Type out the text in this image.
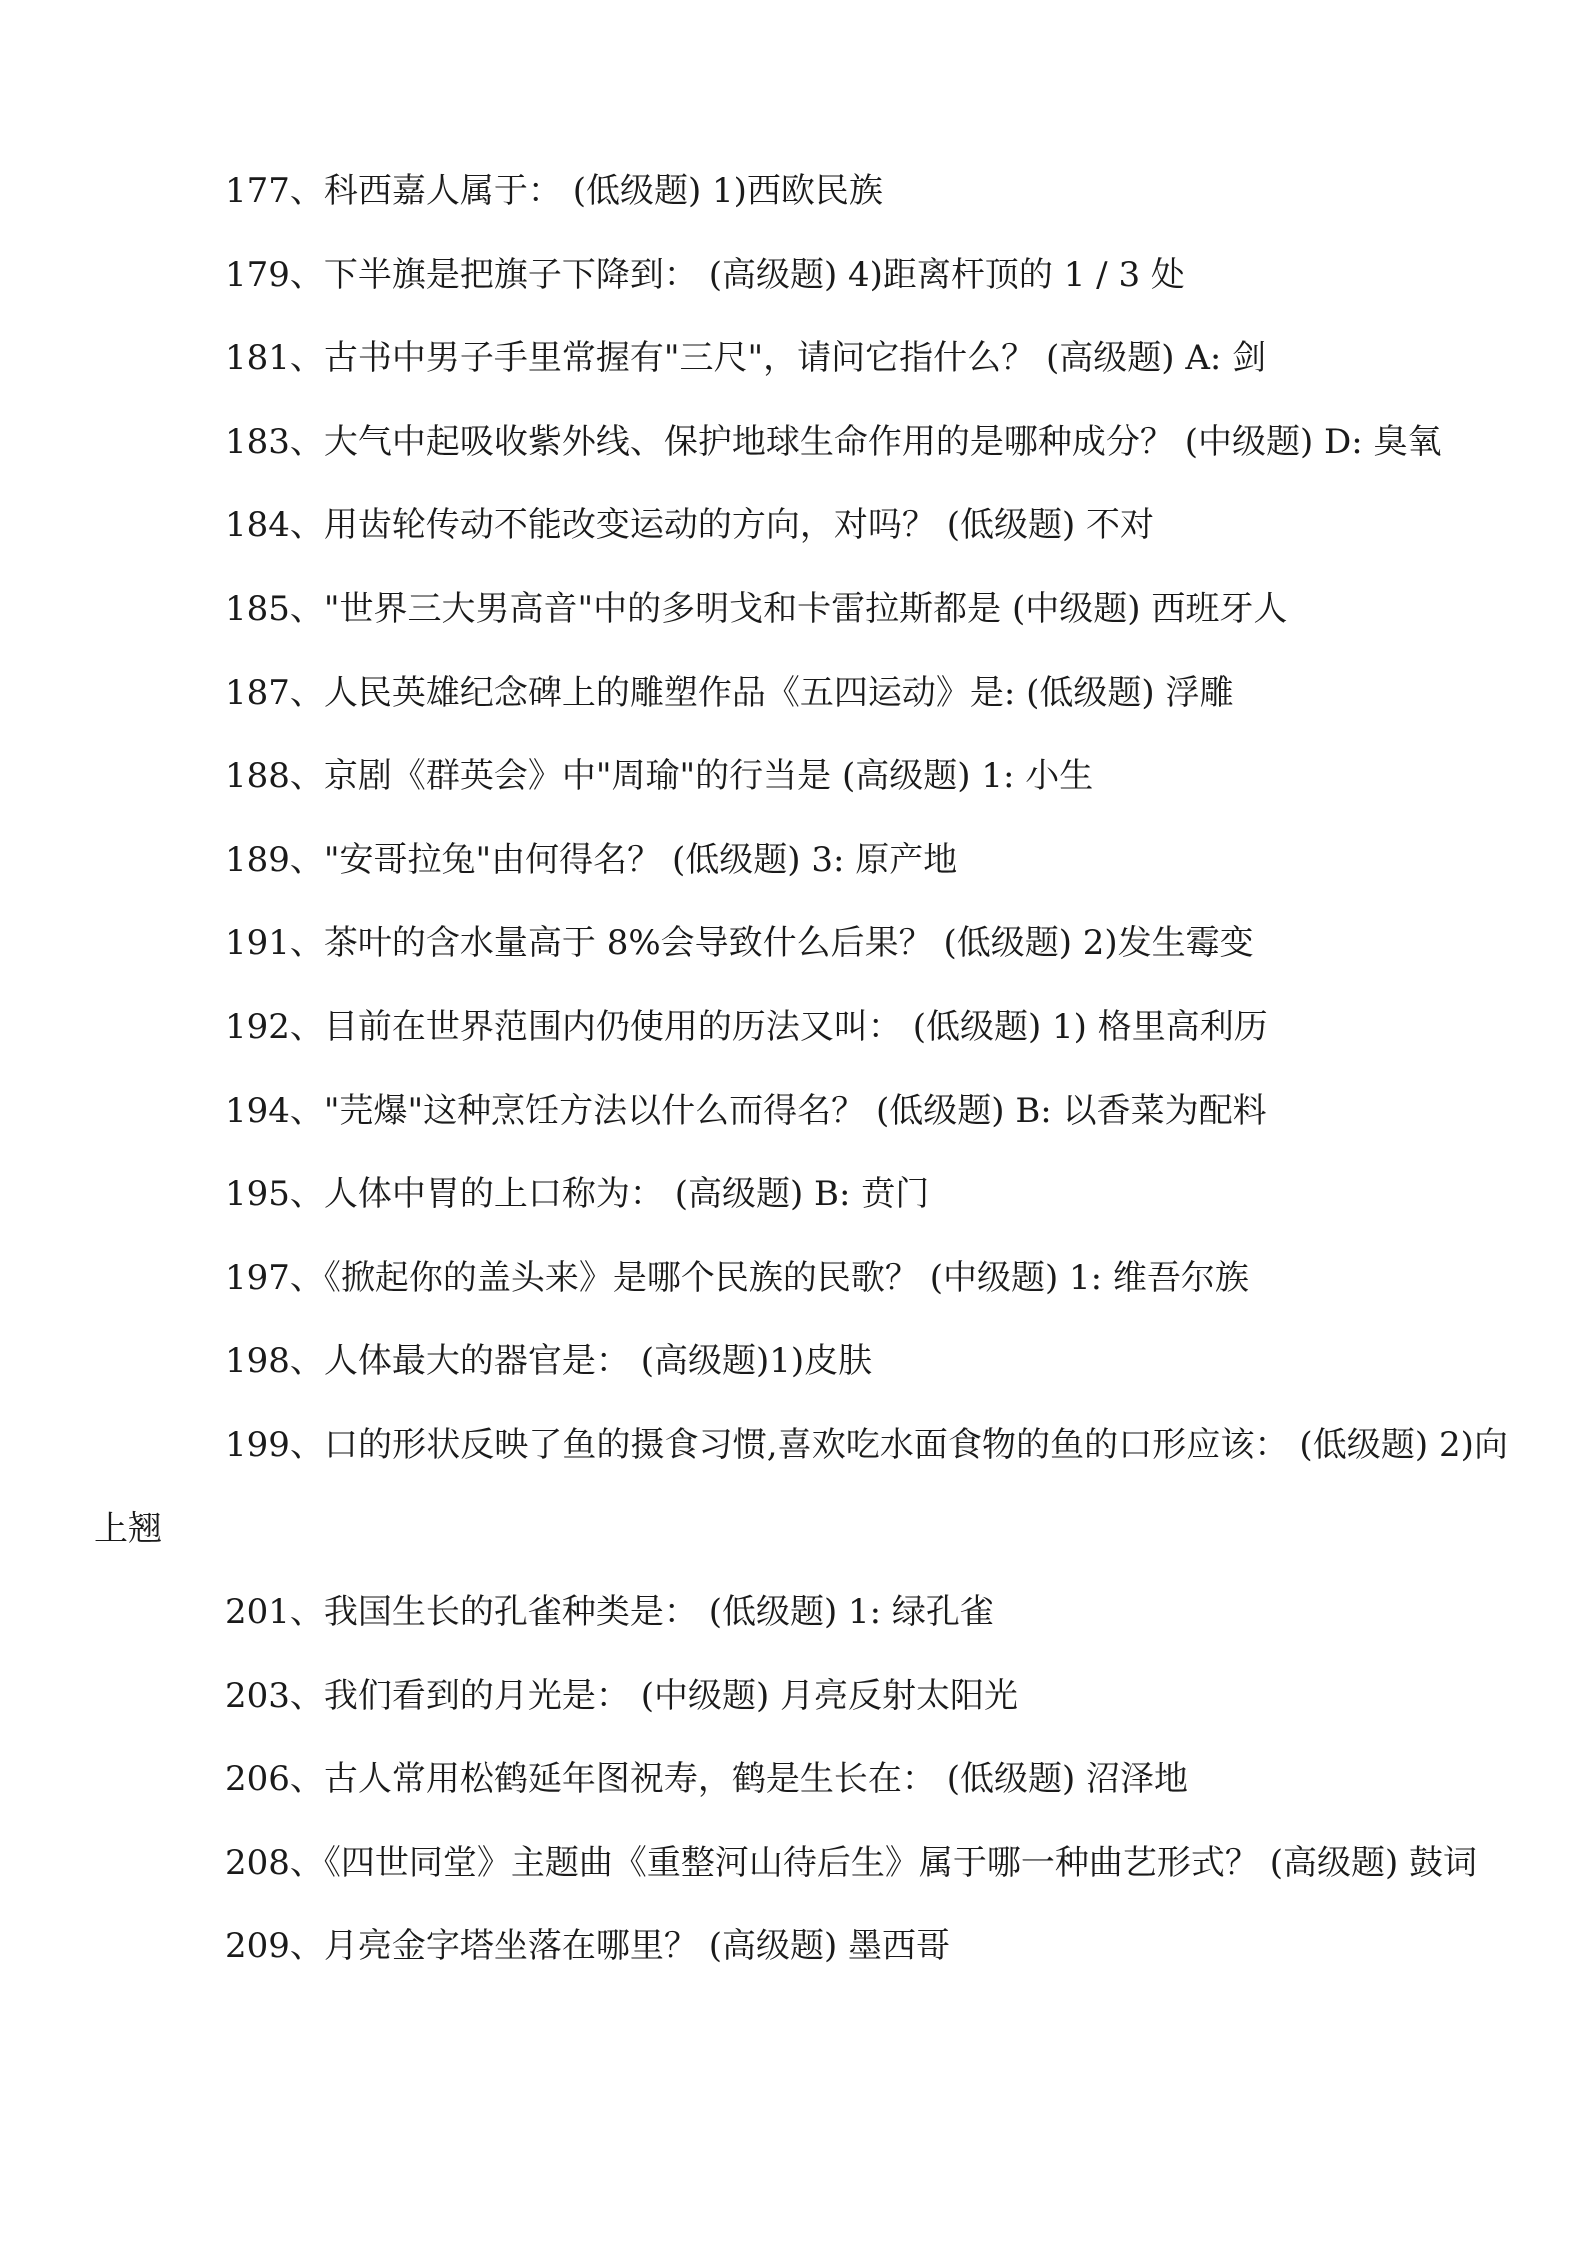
177、科西嘉人属于： (低级题) 1)西欧民族

179、下半旗是把旗子下降到： (高级题) 4)距离杆顶的 1 / 3 处

181、古书中男子手里常握有"三尺"，请问它指什么？ (高级题) A: 剑

183、大气中起吸收紫外线、保护地球生命作用的是哪种成分？ (中级题) D: 臭氧

184、用齿轮传动不能改变运动的方向，对吗？ (低级题) 不对

185、"世界三大男高音"中的多明戈和卡雷拉斯都是 (中级题) 西班牙人

187、人民英雄纪念碑上的雕塑作品《五四运动》是: (低级题) 浮雕

188、京剧《群英会》中"周瑜"的行当是 (高级题) 1: 小生

189、"安哥拉兔"由何得名？ (低级题) 3: 原产地

191、茶叶的含水量高于 8%会导致什么后果？ (低级题) 2)发生霉变

192、目前在世界范围内仍使用的历法又叫： (低级题) 1) 格里高利历

194、"芫爆"这种烹饪方法以什么而得名？ (低级题) B: 以香菜为配料

195、人体中胃的上口称为： (高级题) B: 贲门

197、《掀起你的盖头来》是哪个民族的民歌？ (中级题) 1: 维吾尔族

198、人体最大的器官是： (高级题)1)皮肤

199、口的形状反映了鱼的摄食习惯,喜欢吃水面食物的鱼的口形应该： (低级题) 2)向上翘

201、我国生长的孔雀种类是： (低级题) 1: 绿孔雀

203、我们看到的月光是： (中级题) 月亮反射太阳光

206、古人常用松鹤延年图祝寿，鹤是生长在： (低级题) 沼泽地

208、《四世同堂》主题曲《重整河山待后生》属于哪一种曲艺形式？ (高级题) 鼓词

209、月亮金字塔坐落在哪里？ (高级题) 墨西哥
